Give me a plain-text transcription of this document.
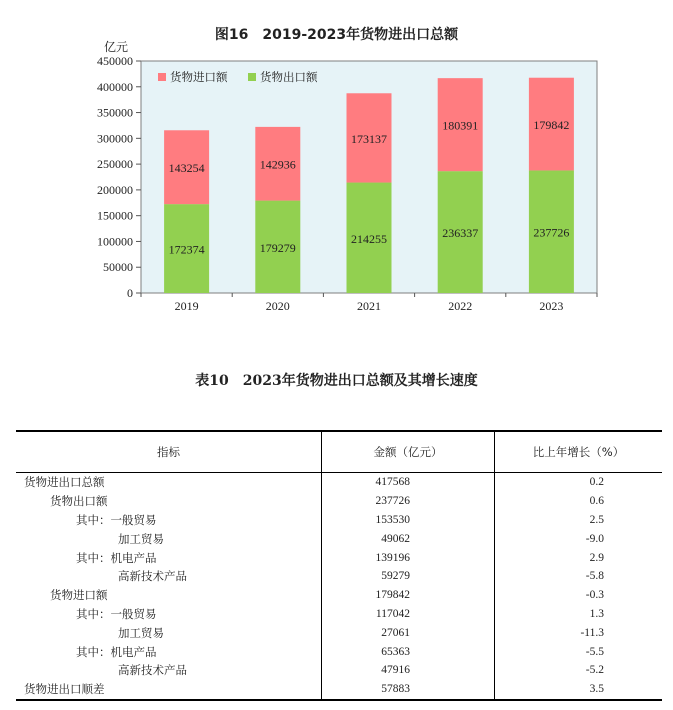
图16　2019-2023年货物进出口总额
亿元
0
50000
100000
150000
200000
250000
300000
350000
400000
450000
172374
143254
2019
179279
142936
2020
214255
173137
2021
236337
180391
2022
237726
179842
2023
货物进口额	货物出口额
表10　2023年货物进出口总额及其增长速度
指标	金额（亿元）	比上年增长（%）
货物进出口总额	417568	0.2
货物出口额	237726	0.6
其中：一般贸易	153530	2.5
加工贸易	49062	-9.0
其中：机电产品	139196	2.9
高新技术产品	59279	-5.8
货物进口额	179842	-0.3
其中：一般贸易	117042	1.3
加工贸易	27061	-11.3
其中：机电产品	65363	-5.5
高新技术产品	47916	-5.2
货物进出口顺差	57883	3.5
